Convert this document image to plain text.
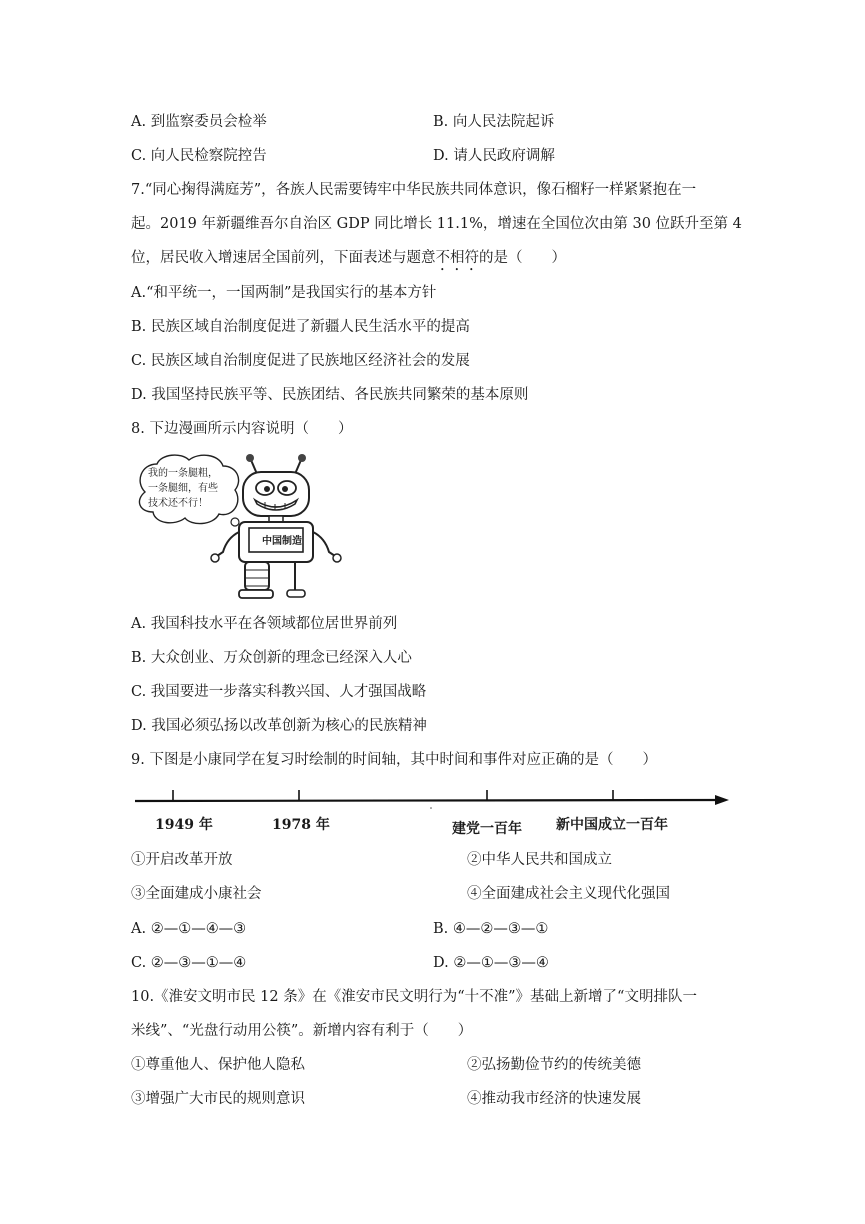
A. 到监察委员会检举	B. 向人民法院起诉
C. 向人民检察院控告	D. 请人民政府调解
7.“同心掬得满庭芳”，各族人民需要铸牢中华民族共同体意识，像石榴籽一样紧紧抱在一
起。2019 年新疆维吾尔自治区 GDP 同比增长 11.1%，增速在全国位次由第 30 位跃升至第 4
位，居民收入增速居全国前列，下面表述与题意不相符的是（　　）
A.“和平统一，一国两制”是我国实行的基本方针
B. 民族区域自治制度促进了新疆人民生活水平的提高
C. 民族区域自治制度促进了民族地区经济社会的发展
D. 我国坚持民族平等、民族团结、各民族共同繁荣的基本原则
8. 下边漫画所示内容说明（　　）
我的一条腿粗，一条腿细，有些技术还不行！
中国制造
A. 我国科技水平在各领域都位居世界前列
B. 大众创业、万众创新的理念已经深入人心
C. 我国要进一步落实科教兴国、人才强国战略
D. 我国必须弘扬以改革创新为核心的民族精神
9. 下图是小康同学在复习时绘制的时间轴，其中时间和事件对应正确的是（　　）
1949 年	1978 年	建党一百年 新中国成立一百年
①开启改革开放	②中华人民共和国成立
③全面建成小康社会	④全面建成社会主义现代化强国
A. ②—①—④—③	B. ④—②—③—①
C. ②—③—①—④	D. ②—①—③—④
10.《淮安文明市民 12 条》在《淮安市民文明行为“十不准”》基础上新增了“文明排队一
米线”、“光盘行动用公筷”。新增内容有利于（　　）
①尊重他人、保护他人隐私	②弘扬勤俭节约的传统美德
③增强广大市民的规则意识	④推动我市经济的快速发展
